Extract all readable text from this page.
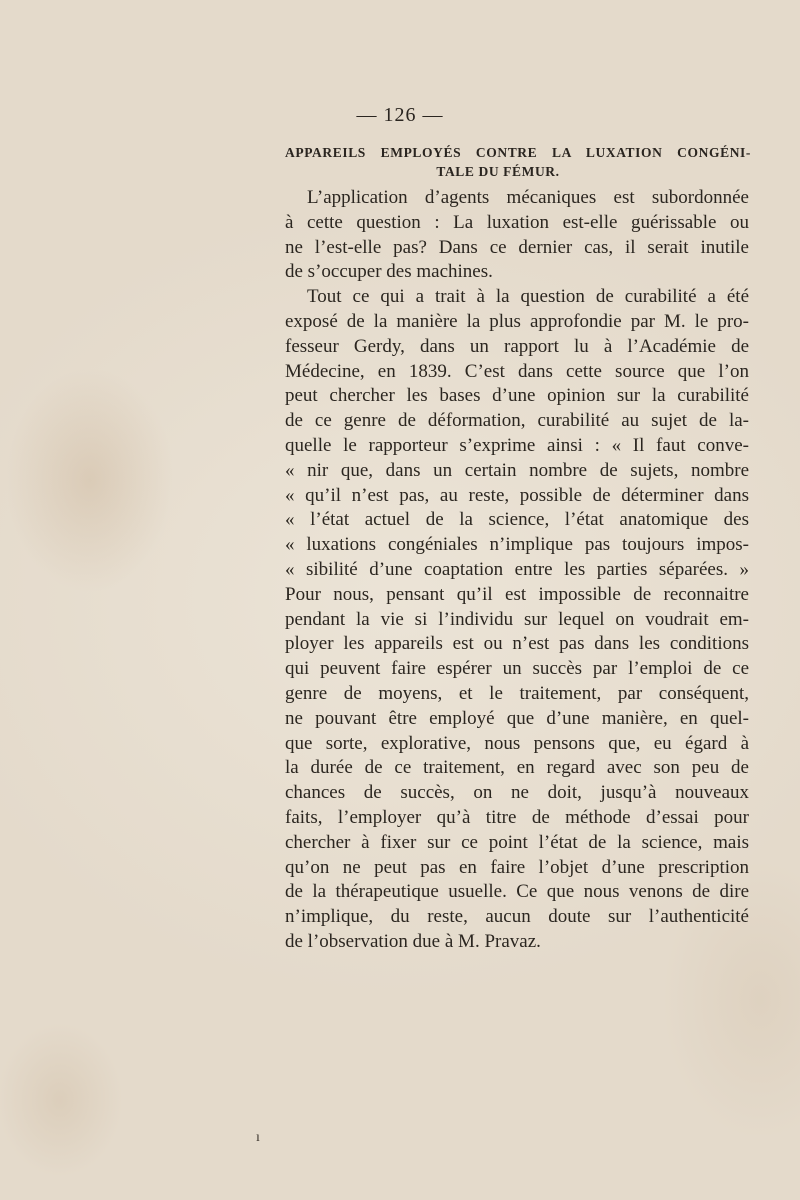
— 126 —
APPAREILS EMPLOYÉS CONTRE LA LUXATION CONGÉNI-
TALE DU FÉMUR.
L’application d’agents mécaniques est subordonnée
à cette question : La luxation est-elle guérissable ou
ne l’est-elle pas? Dans ce dernier cas, il serait inutile
de s’occuper des machines.
Tout ce qui a trait à la question de curabilité a été
exposé de la manière la plus approfondie par M. le pro-
fesseur Gerdy, dans un rapport lu à l’Académie de
Médecine, en 1839. C’est dans cette source que l’on
peut chercher les bases d’une opinion sur la curabilité
de ce genre de déformation, curabilité au sujet de la-
quelle le rapporteur s’exprime ainsi : « Il faut conve-
« nir que, dans un certain nombre de sujets, nombre
« qu’il n’est pas, au reste, possible de déterminer dans
« l’état actuel de la science, l’état anatomique des
« luxations congéniales n’implique pas toujours impos-
« sibilité d’une coaptation entre les parties séparées. »
Pour nous, pensant qu’il est impossible de reconnaitre
pendant la vie si l’individu sur lequel on voudrait em-
ployer les appareils est ou n’est pas dans les conditions
qui peuvent faire espérer un succès par l’emploi de ce
genre de moyens, et le traitement, par conséquent,
ne pouvant être employé que d’une manière, en quel-
que sorte, explorative, nous pensons que, eu égard à
la durée de ce traitement, en regard avec son peu de
chances de succès, on ne doit, jusqu’à nouveaux
faits, l’employer qu’à titre de méthode d’essai pour
chercher à fixer sur ce point l’état de la science, mais
qu’on ne peut pas en faire l’objet d’une prescription
de la thérapeutique usuelle. Ce que nous venons de dire
n’implique, du reste, aucun doute sur l’authenticité
de l’observation due à M. Pravaz.
ı
